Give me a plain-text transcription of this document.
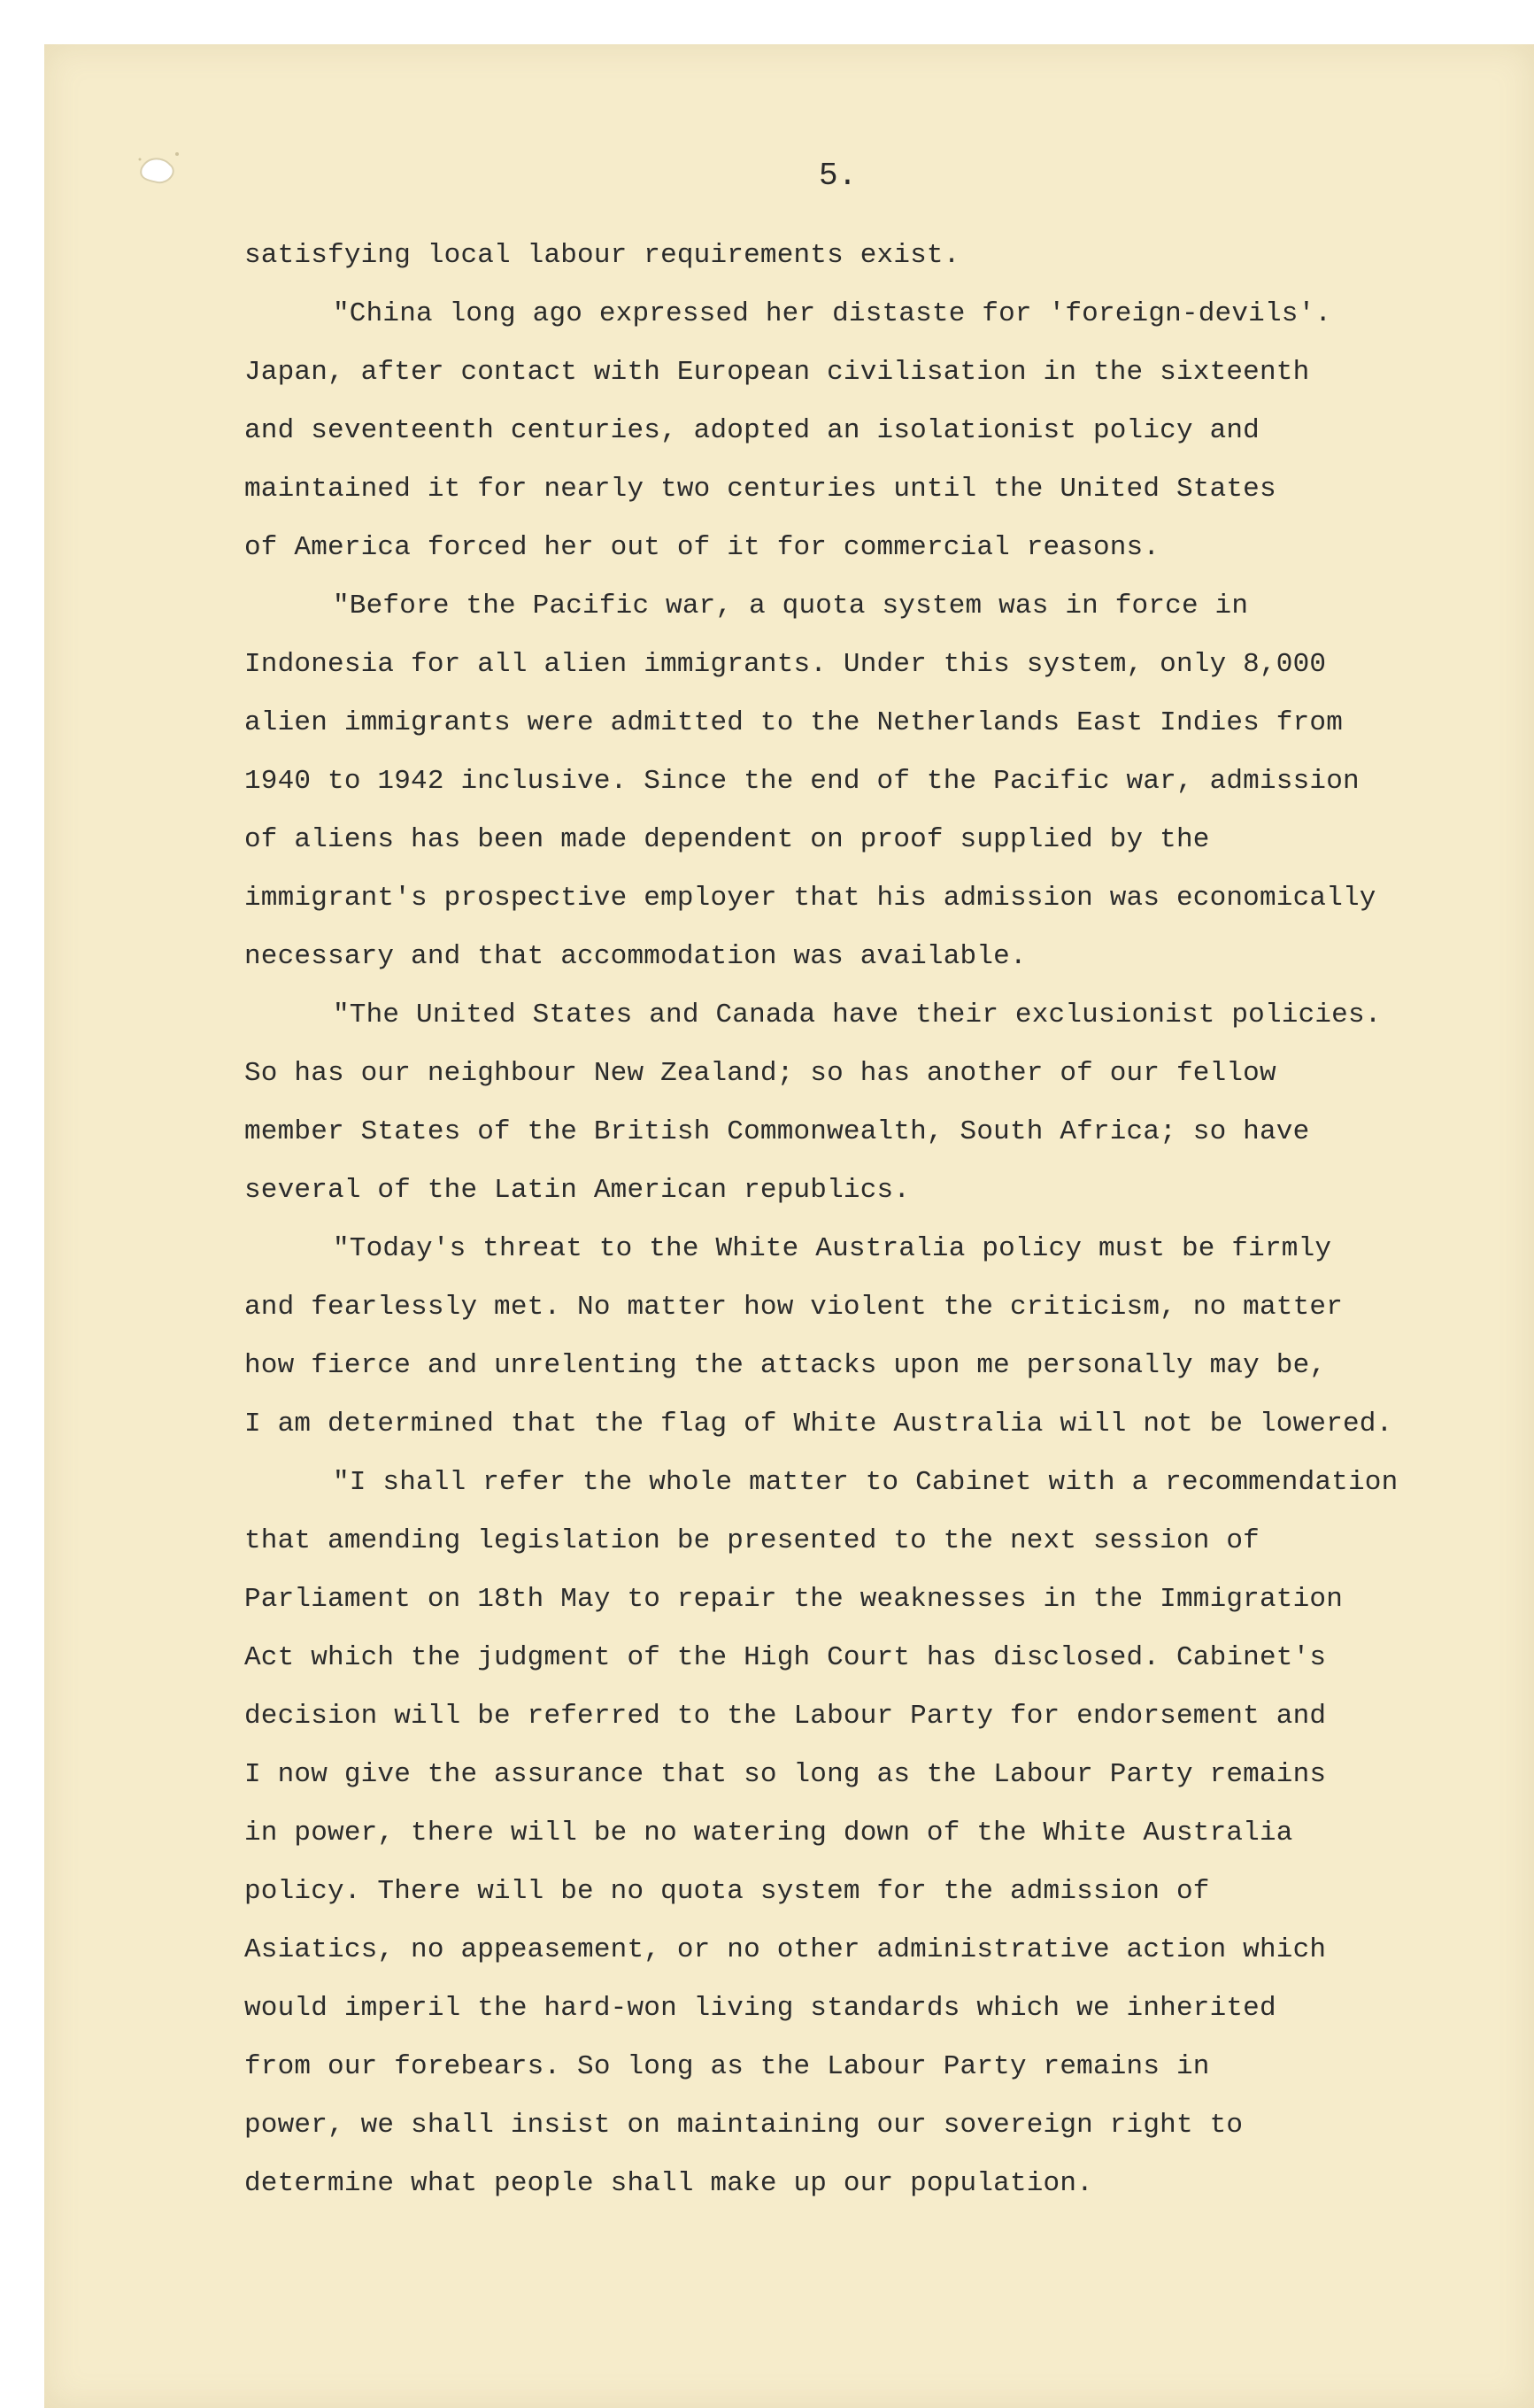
5.
satisfying local labour requirements exist.
"China long ago expressed her distaste for 'foreign-devils'.
Japan, after contact with European civilisation in the sixteenth
and seventeenth centuries, adopted an isolationist policy and
maintained it for nearly two centuries until the United States
of America forced her out of it for commercial reasons.
"Before the Pacific war, a quota system was in force in
Indonesia for all alien immigrants. Under this system, only 8,000
alien immigrants were admitted to the Netherlands East Indies from
1940 to 1942 inclusive. Since the end of the Pacific war, admission
of aliens has been made dependent on proof supplied by the
immigrant's prospective employer that his admission was economically
necessary and that accommodation was available.
"The United States and Canada have their exclusionist policies.
So has our neighbour New Zealand; so has another of our fellow
member States of the British Commonwealth, South Africa; so have
several of the Latin American republics.
"Today's threat to the White Australia policy must be firmly
and fearlessly met. No matter how violent the criticism, no matter
how fierce and unrelenting the attacks upon me personally may be,
I am determined that the flag of White Australia will not be lowered.
"I shall refer the whole matter to Cabinet with a recommendation
that amending legislation be presented to the next session of
Parliament on 18th May to repair the weaknesses in the Immigration
Act which the judgment of the High Court has disclosed. Cabinet's
decision will be referred to the Labour Party for endorsement and
I now give the assurance that so long as the Labour Party remains
in power, there will be no watering down of the White Australia
policy. There will be no quota system for the admission of
Asiatics, no appeasement, or no other administrative action which
would imperil the hard-won living standards which we inherited
from our forebears. So long as the Labour Party remains in
power, we shall insist on maintaining our sovereign right to
determine what people shall make up our population.
